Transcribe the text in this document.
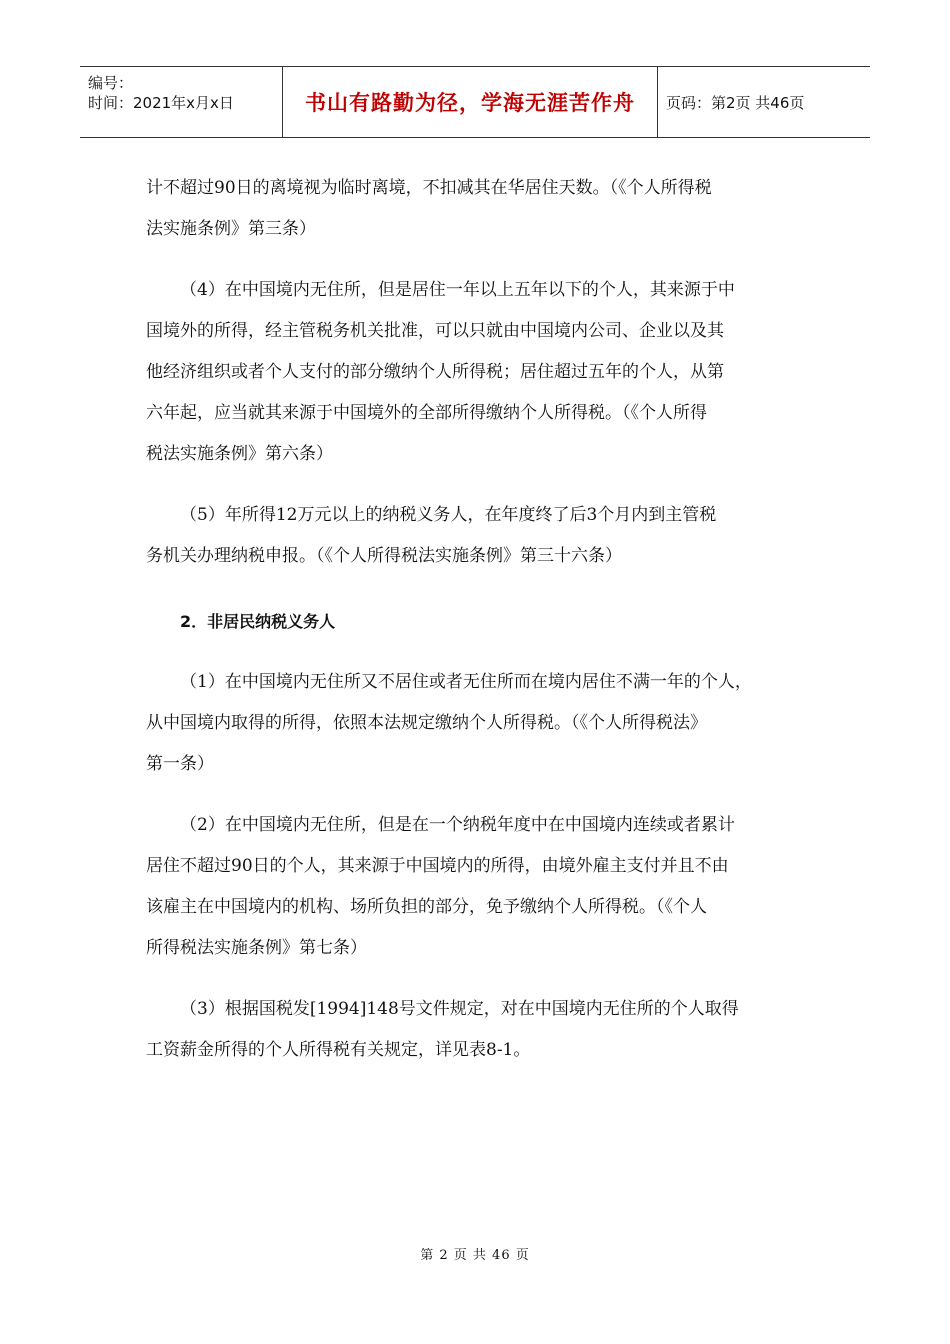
编号：
时间：2021年x月x日	书山有路勤为径，学海无涯苦作舟	页码：第2页 共46页
计不超过90日的离境视为临时离境，不扣减其在华居住天数。（《个人所得税
法实施条例》第三条）
（4）在中国境内无住所，但是居住一年以上五年以下的个人，其来源于中
国境外的所得，经主管税务机关批准，可以只就由中国境内公司、企业以及其
他经济组织或者个人支付的部分缴纳个人所得税；居住超过五年的个人，从第
六年起，应当就其来源于中国境外的全部所得缴纳个人所得税。（《个人所得
税法实施条例》第六条）
（5）年所得12万元以上的纳税义务人，在年度终了后3个月内到主管税
务机关办理纳税申报。（《个人所得税法实施条例》第三十六条）
2．非居民纳税义务人
（1）在中国境内无住所又不居住或者无住所而在境内居住不满一年的个人，
从中国境内取得的所得，依照本法规定缴纳个人所得税。（《个人所得税法》
第一条）
（2）在中国境内无住所，但是在一个纳税年度中在中国境内连续或者累计
居住不超过90日的个人，其来源于中国境内的所得，由境外雇主支付并且不由
该雇主在中国境内的机构、场所负担的部分，免予缴纳个人所得税。（《个人
所得税法实施条例》第七条）
（3）根据国税发[1994]148号文件规定，对在中国境内无住所的个人取得
工资薪金所得的个人所得税有关规定，详见表8-1。
第 2 页 共 46 页
